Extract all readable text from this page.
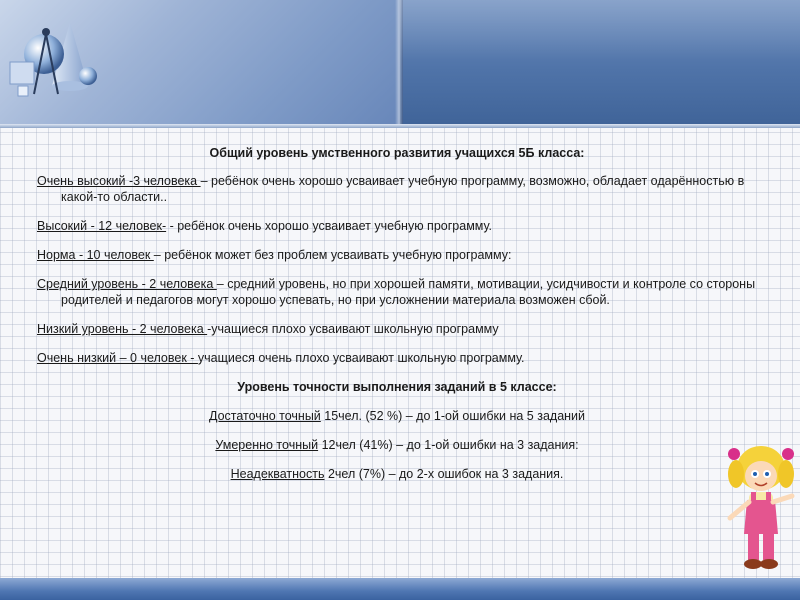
Общий уровень умственного развития учащихся 5Б класса:

Очень высокий -3 человека – ребёнок очень хорошо усваивает учебную программу, возможно, обладает одарённостью в какой-то области..

Высокий - 12 человек- - ребёнок очень хорошо усваивает учебную программу.

Норма - 10 человек – ребёнок может без проблем усваивать учебную программу:

Средний уровень - 2 человека – средний уровень, но при хорошей памяти, мотивации, усидчивости и контроле со стороны родителей и педагогов могут хорошо успевать, но при усложнении материала возможен сбой.

Низкий уровень - 2 человека -учащиеся плохо усваивают школьную программу

Очень низкий – 0 человек - учащиеся очень плохо усваивают школьную программу.

Уровень точности выполнения заданий в 5 классе:

Достаточно точный 15чел. (52 %) – до 1-ой ошибки на 5 заданий

Умеренно точный 12чел (41%) – до 1-ой ошибки на 3 задания:

Неадекватность 2чел (7%) – до 2-х ошибок на 3 задания.
